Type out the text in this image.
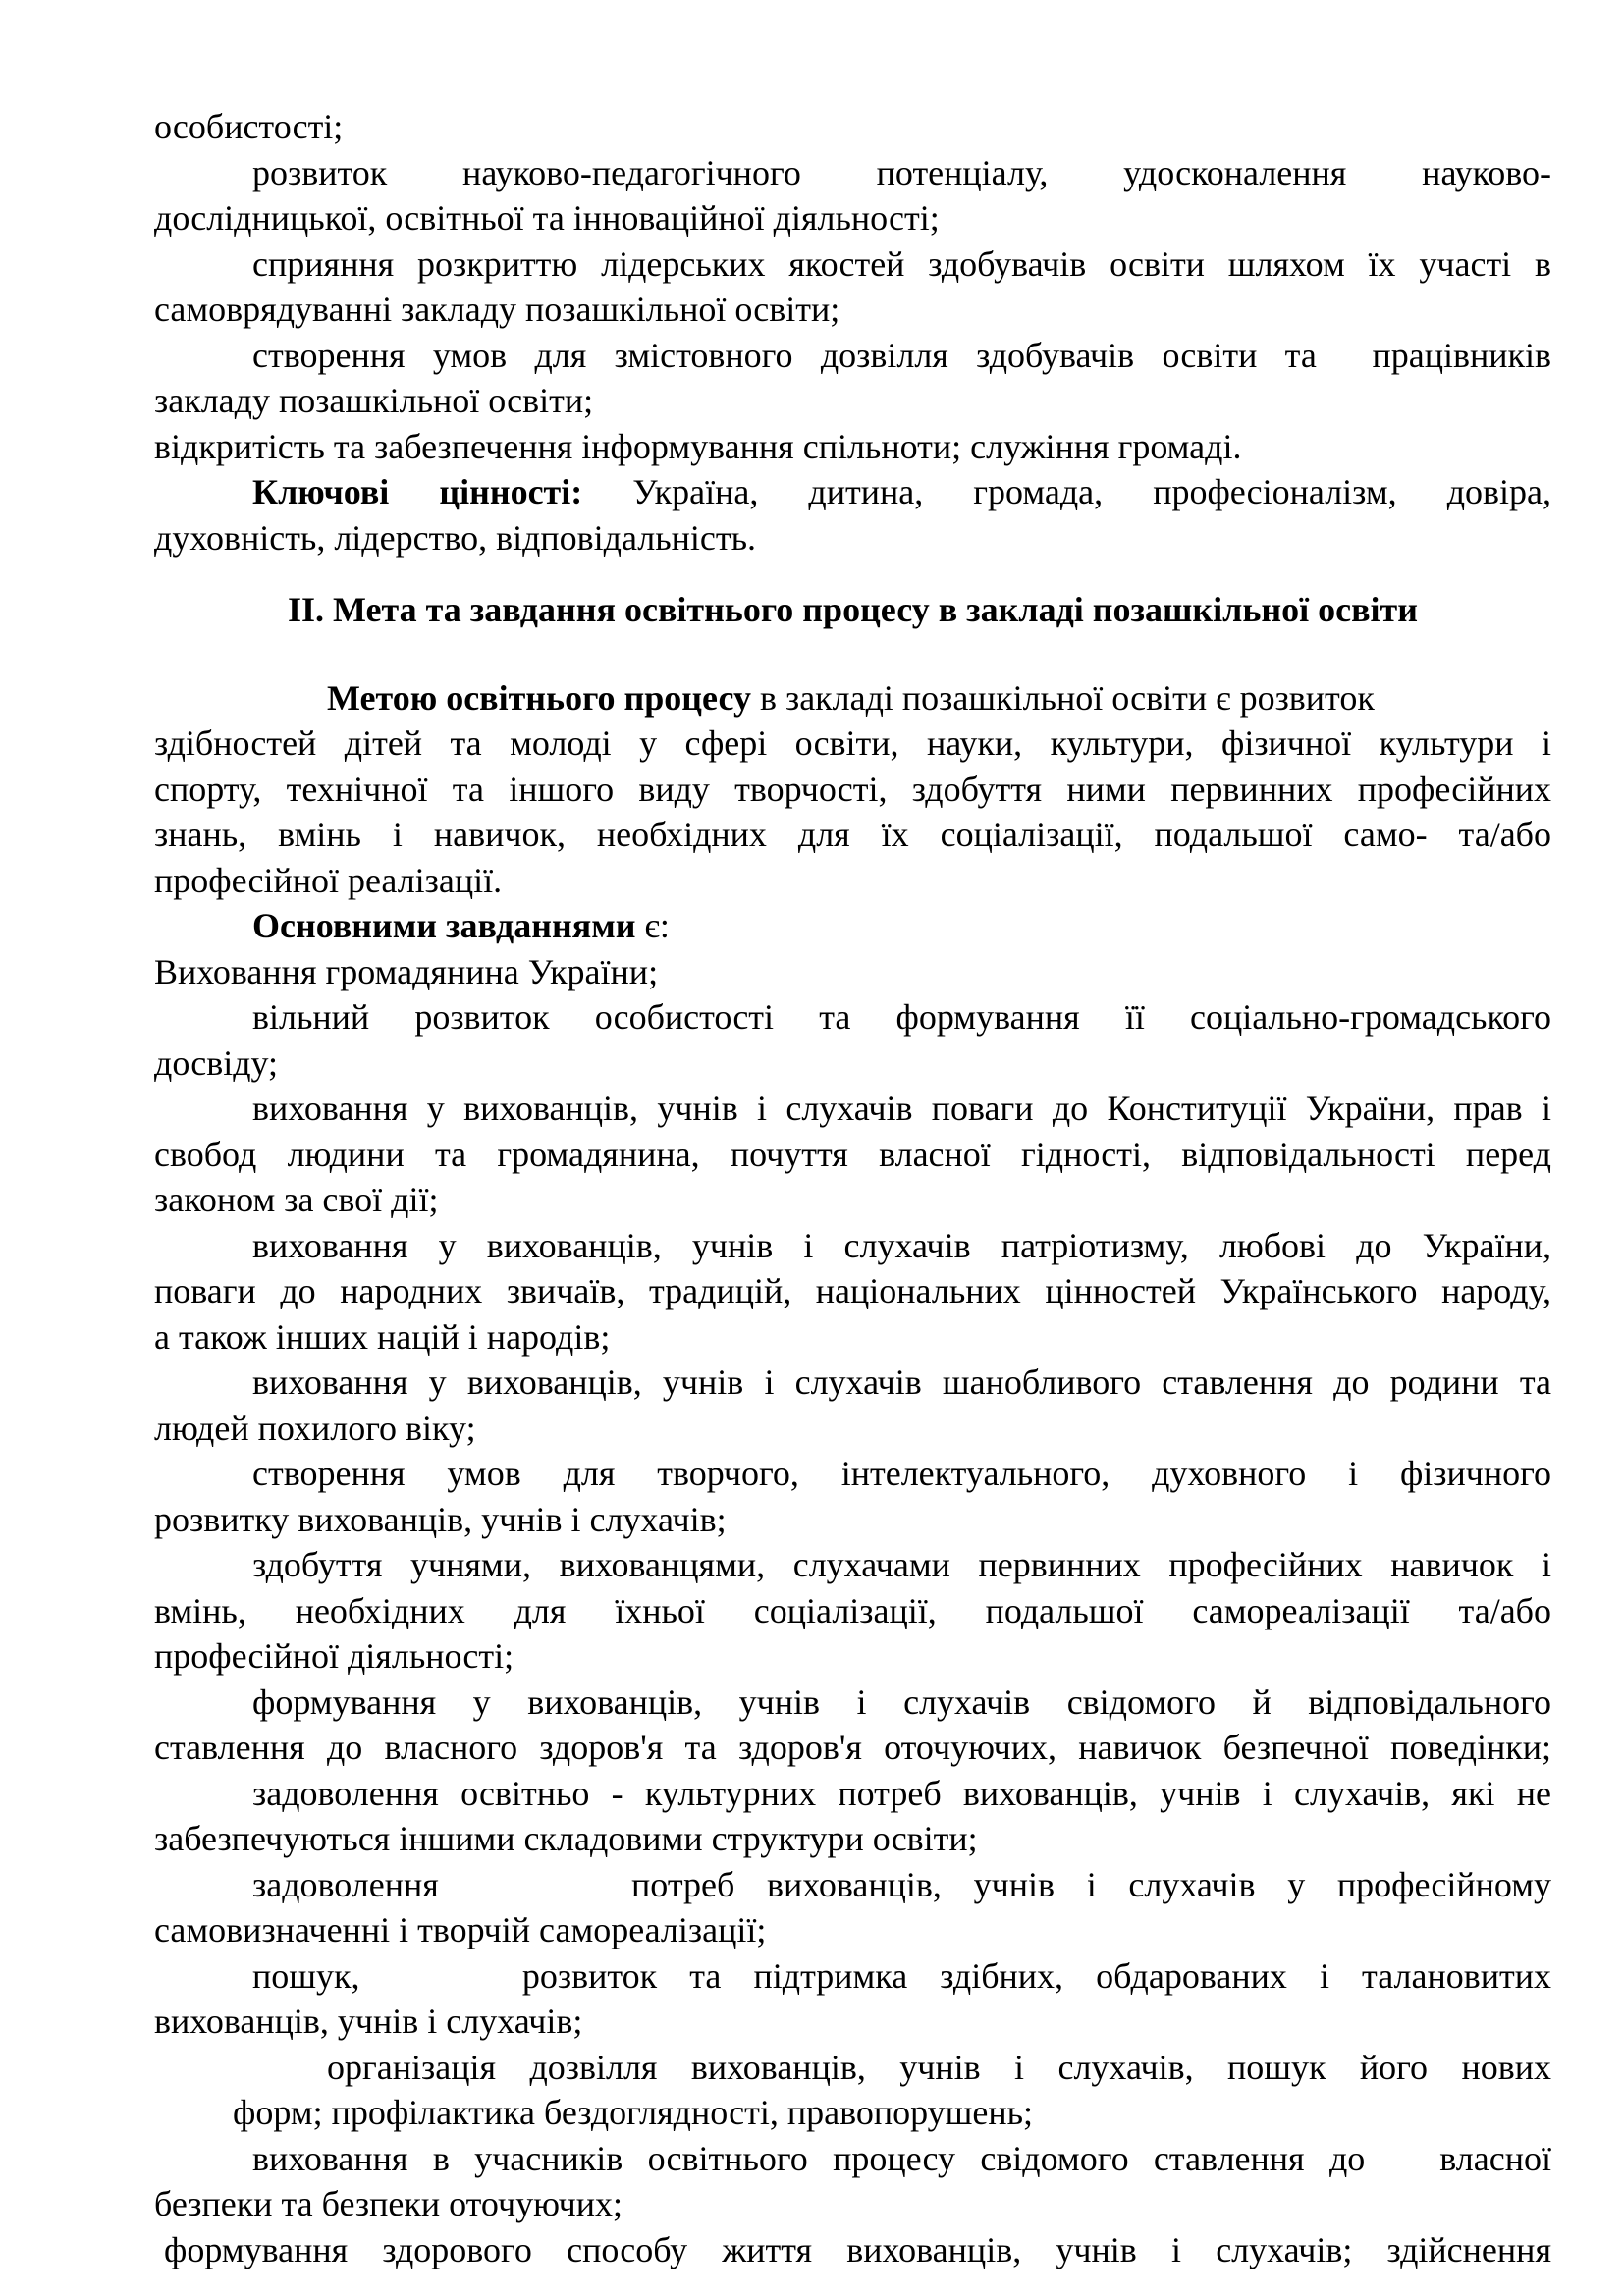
особистості;
розвиток науково-педагогічного потенціалу, удосконалення науково-
дослідницької, освітньої та інноваційної діяльності;
сприяння розкриттю лідерських якостей здобувачів освіти шляхом їх участі в
самоврядуванні закладу позашкільної освіти;
створення умов для змістовного дозвілля здобувачів освіти та  працівників
закладу позашкільної освіти;
відкритість та забезпечення інформування спільноти; служіння громаді.
Ключові цінності: Україна, дитина, громада, професіоналізм, довіра,
духовність, лідерство, відповідальність.
II. Мета та завдання освітнього процесу в закладі позашкільної освіти
Метою освітнього процесу в закладі позашкільної освіти є розвиток
здібностей дітей та молоді у сфері освіти, науки, культури, фізичної культури і
спорту, технічної та іншого виду творчості, здобуття ними первинних професійних
знань, вмінь і навичок, необхідних для їх соціалізації, подальшої само- та/або
професійної реалізації.
Основними завданнями є:
Виховання громадянина України;
вільний розвиток особистості та формування її соціально-громадського
досвіду;
виховання у вихованців, учнів і слухачів поваги до Конституції України, прав і
свобод людини та громадянина, почуття власної гідності, відповідальності перед
законом за свої дії;
виховання у вихованців, учнів і слухачів патріотизму, любові до України,
поваги до народних звичаїв, традицій, національних цінностей Українського народу,
а також інших націй і народів;
виховання у вихованців, учнів і слухачів шанобливого ставлення до родини та
людей похилого віку;
створення умов для творчого, інтелектуального, духовного і фізичного
розвитку вихованців, учнів і слухачів;
здобуття учнями, вихованцями, слухачами первинних професійних навичок і
вмінь, необхідних для їхньої соціалізації, подальшої самореалізації та/або
професійної діяльності;
формування у вихованців, учнів і слухачів свідомого й відповідального
ставлення до власного здоров'я та здоров'я оточуючих, навичок безпечної поведінки;
задоволення освітньо - культурних потреб вихованців, учнів і слухачів, які не
забезпечуються іншими складовими структури освіти;
задоволення      потреб вихованців, учнів і слухачів у професійному
самовизначенні і творчій самореалізації;
пошук,     розвиток та підтримка здібних, обдарованих і талановитих
вихованців, учнів і слухачів;
організація дозвілля вихованців, учнів і слухачів, пошук його нових
форм; профілактика бездоглядності, правопорушень;
виховання в учасників освітнього процесу свідомого ставлення до   власної
безпеки та безпеки оточуючих;
формування здорового способу життя вихованців, учнів і слухачів; здійснення
